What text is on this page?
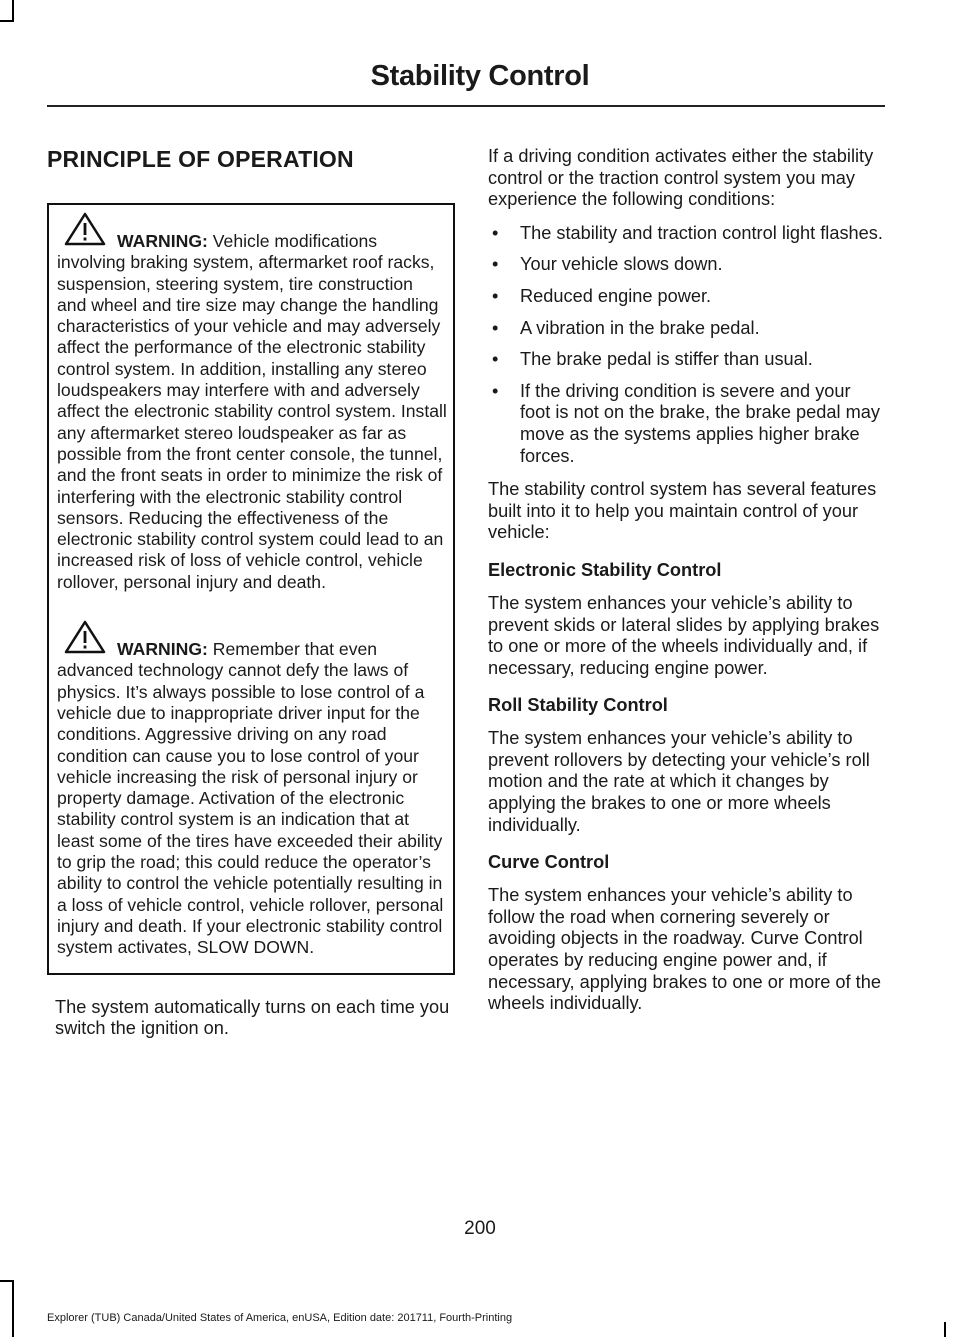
Stability Control
PRINCIPLE OF OPERATION
WARNING: Vehicle modifications involving braking system, aftermarket roof racks, suspension, steering system, tire construction and wheel and tire size may change the handling characteristics of your vehicle and may adversely affect the performance of the electronic stability control system. In addition, installing any stereo loudspeakers may interfere with and adversely affect the electronic stability control system. Install any aftermarket stereo loudspeaker as far as possible from the front center console, the tunnel, and the front seats in order to minimize the risk of interfering with the electronic stability control sensors. Reducing the effectiveness of the electronic stability control system could lead to an increased risk of loss of vehicle control, vehicle rollover, personal injury and death.
WARNING: Remember that even advanced technology cannot defy the laws of physics. It’s always possible to lose control of a vehicle due to inappropriate driver input for the conditions. Aggressive driving on any road condition can cause you to lose control of your vehicle increasing the risk of personal injury or property damage. Activation of the electronic stability control system is an indication that at least some of the tires have exceeded their ability to grip the road; this could reduce the operator’s ability to control the vehicle potentially resulting in a loss of vehicle control, vehicle rollover, personal injury and death. If your electronic stability control system activates, SLOW DOWN.

The system automatically turns on each time you switch the ignition on.

If a driving condition activates either the stability control or the traction control system you may experience the following conditions:

• The stability and traction control light flashes.
• Your vehicle slows down.
• Reduced engine power.
• A vibration in the brake pedal.
• The brake pedal is stiffer than usual.
• If the driving condition is severe and your foot is not on the brake, the brake pedal may move as the systems applies higher brake forces.

The stability control system has several features built into it to help you maintain control of your vehicle:

Electronic Stability Control

The system enhances your vehicle’s ability to prevent skids or lateral slides by applying brakes to one or more of the wheels individually and, if necessary, reducing engine power.

Roll Stability Control

The system enhances your vehicle’s ability to prevent rollovers by detecting your vehicle’s roll motion and the rate at which it changes by applying the brakes to one or more wheels individually.

Curve Control

The system enhances your vehicle’s ability to follow the road when cornering severely or avoiding objects in the roadway. Curve Control operates by reducing engine power and, if necessary, applying brakes to one or more of the wheels individually.

200
Explorer (TUB) Canada/United States of America, enUSA, Edition date: 201711, Fourth-Printing
